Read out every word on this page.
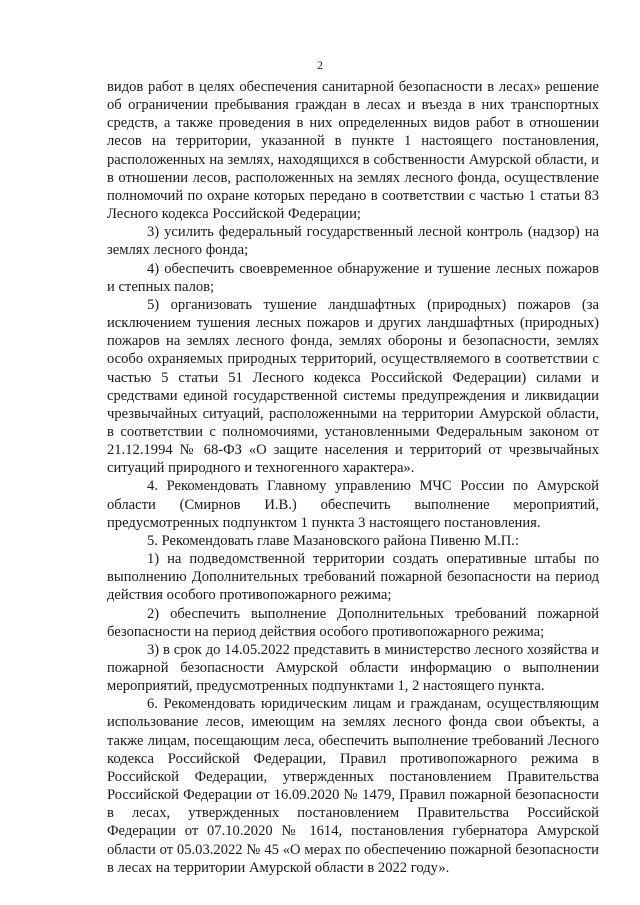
2

видов работ в целях обеспечения санитарной безопасности в лесах» решение об ограничении пребывания граждан в лесах и въезда в них транспортных средств, а также проведения в них определенных видов работ в отношении лесов на территории, указанной в пункте 1 настоящего постановления, расположенных на землях, находящихся в собственности Амурской области, и в отношении лесов, расположенных на землях лесного фонда, осуществление полномочий по охране которых передано в соответствии с частью 1 статьи 83 Лесного кодекса Российской Федерации;

3) усилить федеральный государственный лесной контроль (надзор) на землях лесного фонда;

4) обеспечить своевременное обнаружение и тушение лесных пожаров и степных палов;

5) организовать тушение ландшафтных (природных) пожаров (за исключением тушения лесных пожаров и других ландшафтных (природных) пожаров на землях лесного фонда, землях обороны и безопасности, землях особо охраняемых природных территорий, осуществляемого в соответствии с частью 5 статьи 51 Лесного кодекса Российской Федерации) силами и средствами единой государственной системы предупреждения и ликвидации чрезвычайных ситуаций, расположенными на территории Амурской области, в соответствии с полномочиями, установленными Федеральным законом от 21.12.1994 № 68-ФЗ «О защите населения и территорий от чрезвычайных ситуаций природного и техногенного характера».

4. Рекомендовать Главному управлению МЧС России по Амурской области (Смирнов И.В.) обеспечить выполнение мероприятий, предусмотренных подпунктом 1 пункта 3 настоящего постановления.

5. Рекомендовать главе Мазановского района Пивеню М.П.:

1) на подведомственной территории создать оперативные штабы по выполнению Дополнительных требований пожарной безопасности на период действия особого противопожарного режима;

2) обеспечить выполнение Дополнительных требований пожарной безопасности на период действия особого противопожарного режима;

3) в срок до 14.05.2022 представить в министерство лесного хозяйства и пожарной безопасности Амурской области информацию о выполнении мероприятий, предусмотренных подпунктами 1, 2 настоящего пункта.

6. Рекомендовать юридическим лицам и гражданам, осуществляющим использование лесов, имеющим на землях лесного фонда свои объекты, а также лицам, посещающим леса, обеспечить выполнение требований Лесного кодекса Российской Федерации, Правил противопожарного режима в Российской Федерации, утвержденных постановлением Правительства Российской Федерации от 16.09.2020 № 1479, Правил пожарной безопасности в лесах, утвержденных постановлением Правительства Российской Федерации от 07.10.2020 № 1614, постановления губернатора Амурской области от 05.03.2022 № 45 «О мерах по обеспечению пожарной безопасности в лесах на территории Амурской области в 2022 году».
